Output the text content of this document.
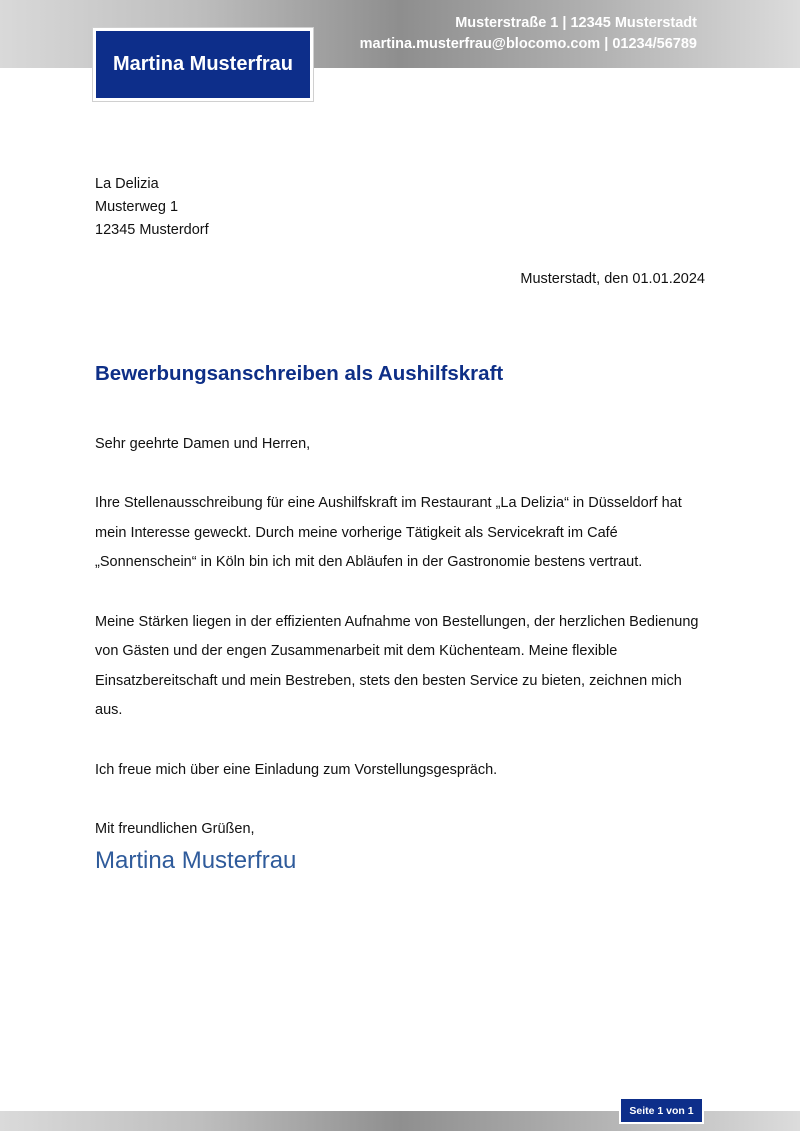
Musterstraße 1 | 12345 Musterstadt
martina.musterfrau@blocomo.com | 01234/56789
Martina Musterfrau
La Delizia
Musterweg 1
12345 Musterdorf
Musterstadt, den 01.01.2024
Bewerbungsanschreiben als Aushilfskraft

Sehr geehrte Damen und Herren,

Ihre Stellenausschreibung für eine Aushilfskraft im Restaurant „La Delizia“ in Düsseldorf hat mein Interesse geweckt. Durch meine vorherige Tätigkeit als Servicekraft im Café „Sonnenschein“ in Köln bin ich mit den Abläufen in der Gastronomie bestens vertraut.

Meine Stärken liegen in der effizienten Aufnahme von Bestellungen, der herzlichen Bedienung von Gästen und der engen Zusammenarbeit mit dem Küchenteam. Meine flexible Einsatzbereitschaft und mein Bestreben, stets den besten Service zu bieten, zeichnen mich aus.

Ich freue mich über eine Einladung zum Vorstellungsgespräch.

Mit freundlichen Grüßen,

Martina Musterfrau
Seite 1 von 1
